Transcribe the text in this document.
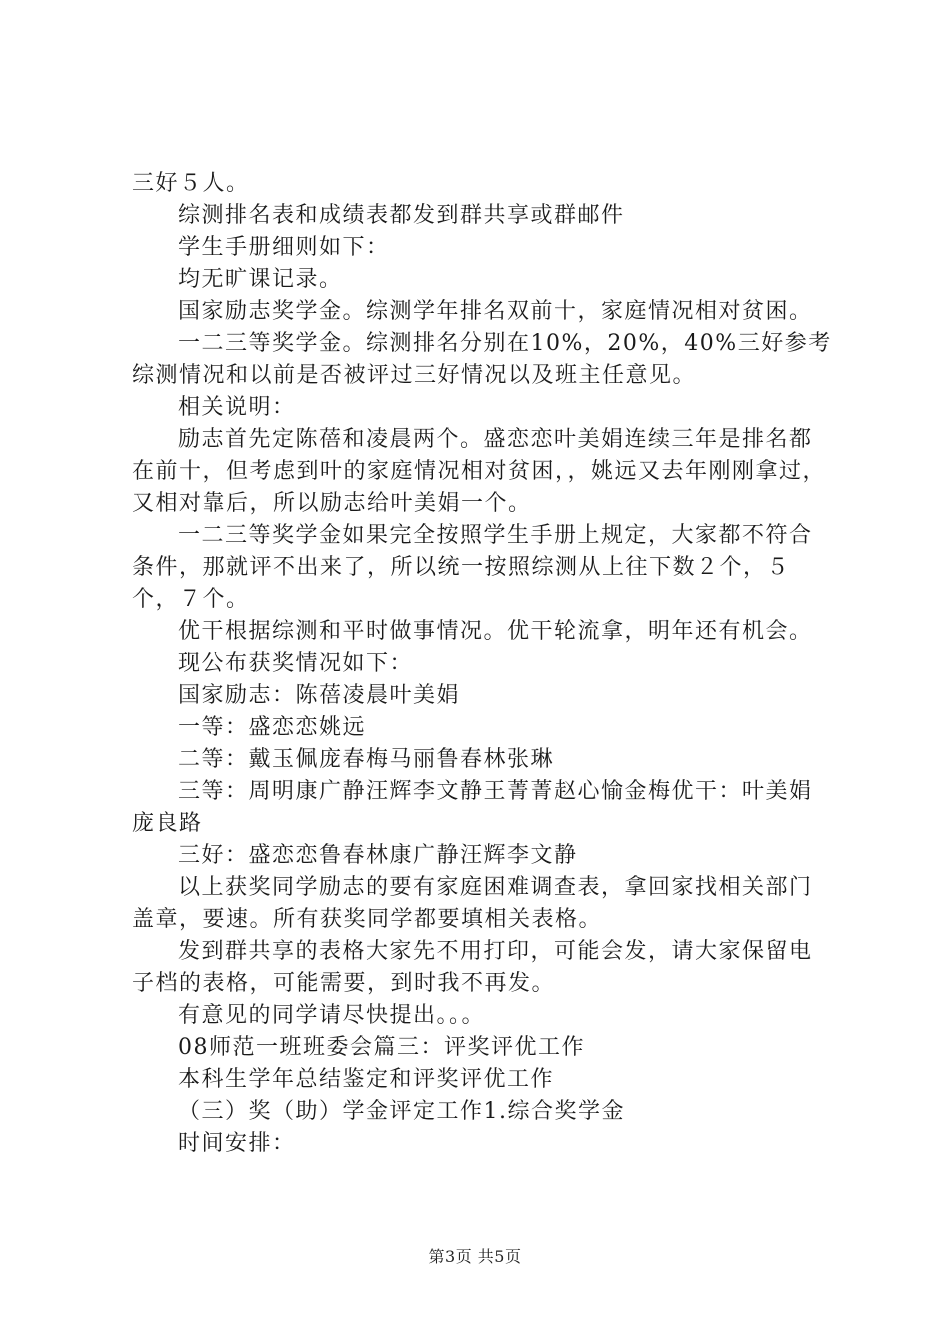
三好５人。

综测排名表和成绩表都发到群共享或群邮件

学生手册细则如下：

均无旷课记录。

国家励志奖学金。综测学年排名双前十，家庭情况相对贫困。

一二三等奖学金。综测排名分别在10%，20%，40%三好参考综测情况和以前是否被评过三好情况以及班主任意见。

相关说明：

励志首先定陈蓓和凌晨两个。盛恋恋叶美娟连续三年是排名都在前十，但考虑到叶的家庭情况相对贫困，，姚远又去年刚刚拿过，又相对靠后，所以励志给叶美娟一个。

一二三等奖学金如果完全按照学生手册上规定，大家都不符合条件，那就评不出来了，所以统一按照综测从上往下数２个，５个，７个。

优干根据综测和平时做事情况。优干轮流拿，明年还有机会。

现公布获奖情况如下：

国家励志：陈蓓凌晨叶美娟

一等：盛恋恋姚远

二等：戴玉佩庞春梅马丽鲁春林张琳

三等：周明康广静汪辉李文静王菁菁赵心愉金梅优干：叶美娟庞良路

三好：盛恋恋鲁春林康广静汪辉李文静

以上获奖同学励志的要有家庭困难调查表，拿回家找相关部门盖章，要速。所有获奖同学都要填相关表格。

发到群共享的表格大家先不用打印，可能会发，请大家保留电子档的表格，可能需要，到时我不再发。

有意见的同学请尽快提出。。。

08师范一班班委会篇三：评奖评优工作

本科生学年总结鉴定和评奖评优工作

（三）奖（助）学金评定工作1.综合奖学金

时间安排：

第3页 共5页
